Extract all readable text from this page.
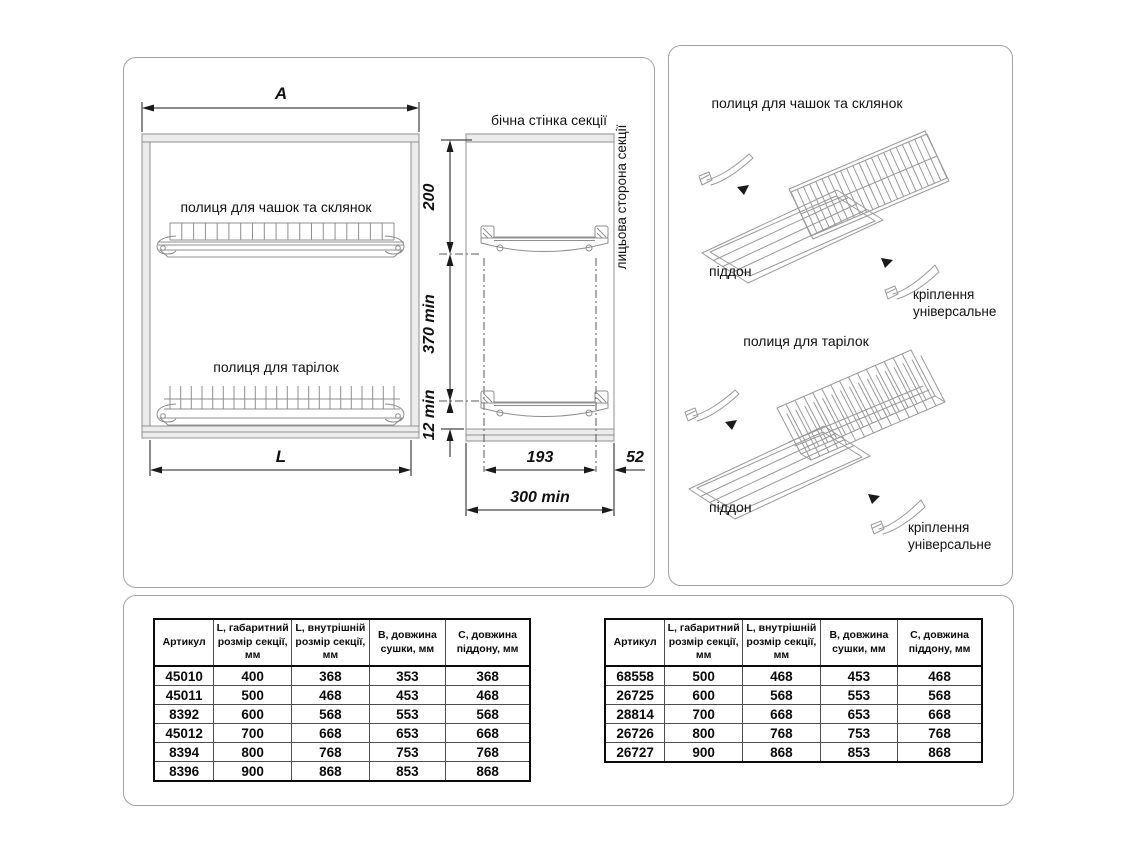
A
полиця для чашок та склянок
полиця для тарілок
L
бічна стінка секції
лицьова сторона секції
200
370 min
12 min
193	52
300 min
полиця для чашок та склянок
піддон
кріплення
універсальне
полиця для тарілок
піддон
кріплення
універсальне
Артикул	L, габаритний розмір секції, мм	L, внутрішній розмір секції, мм	В, довжина сушки, мм	С, довжина піддону, мм
45010	400	368	353	368
45011	500	468	453	468
8392	600	568	553	568
45012	700	668	653	668
8394	800	768	753	768
8396	900	868	853	868
Артикул	L, габаритний розмір секції, мм	L, внутрішній розмір секції, мм	В, довжина сушки, мм	С, довжина піддону, мм
68558	500	468	453	468
26725	600	568	553	568
28814	700	668	653	668
26726	800	768	753	768
26727	900	868	853	868
